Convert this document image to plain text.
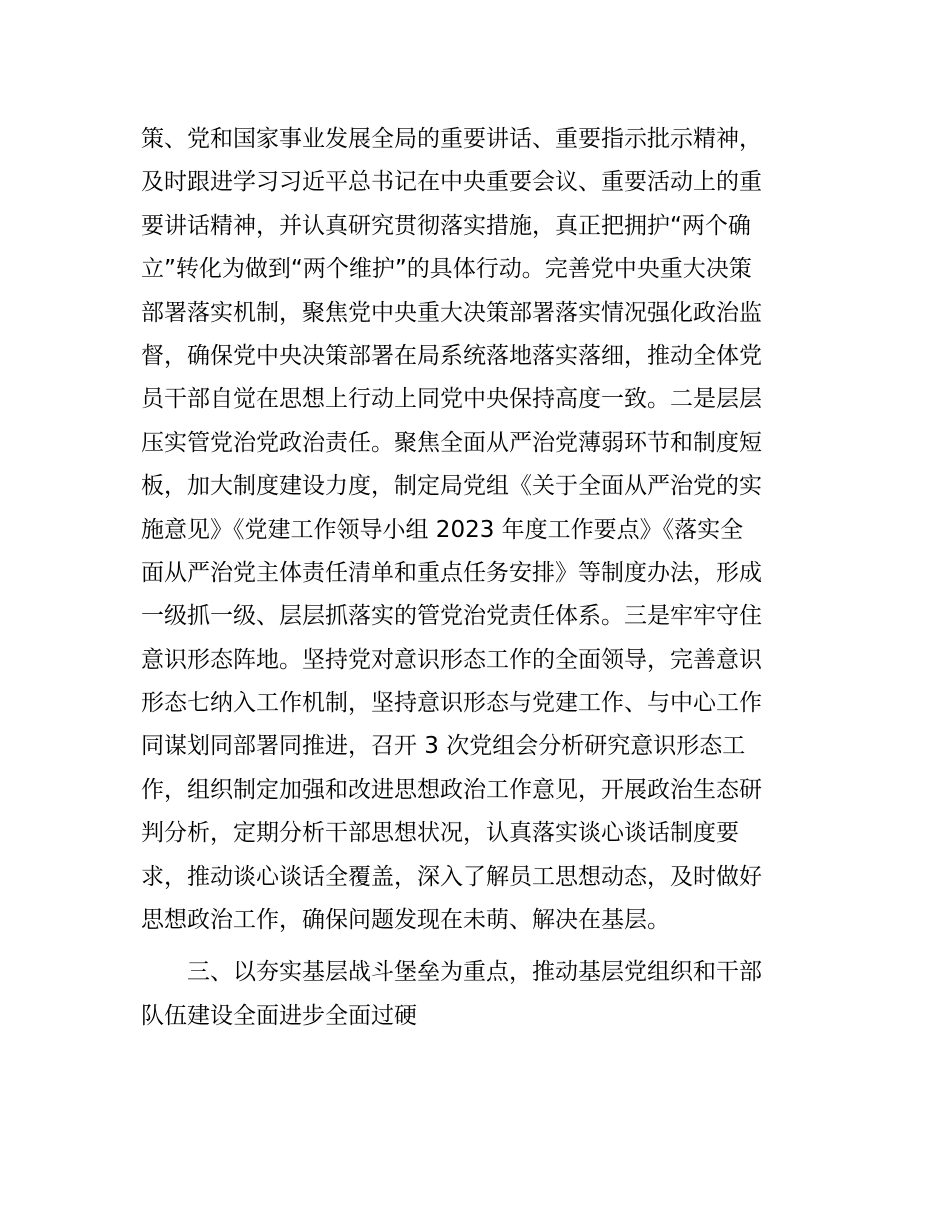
策、党和国家事业发展全局的重要讲话、重要指示批示精神，
及时跟进学习习近平总书记在中央重要会议、重要活动上的重
要讲话精神，并认真研究贯彻落实措施，真正把拥护“两个确
立”转化为做到“两个维护”的具体行动。完善党中央重大决策
部署落实机制，聚焦党中央重大决策部署落实情况强化政治监
督，确保党中央决策部署在局系统落地落实落细，推动全体党
员干部自觉在思想上行动上同党中央保持高度一致。二是层层
压实管党治党政治责任。聚焦全面从严治党薄弱环节和制度短
板，加大制度建设力度，制定局党组《关于全面从严治党的实
施意见》《党建工作领导小组 2023 年度工作要点》《落实全
面从严治党主体责任清单和重点任务安排》等制度办法，形成
一级抓一级、层层抓落实的管党治党责任体系。三是牢牢守住
意识形态阵地。坚持党对意识形态工作的全面领导，完善意识
形态七纳入工作机制，坚持意识形态与党建工作、与中心工作
同谋划同部署同推进，召开 3 次党组会分析研究意识形态工
作，组织制定加强和改进思想政治工作意见，开展政治生态研
判分析，定期分析干部思想状况，认真落实谈心谈话制度要
求，推动谈心谈话全覆盖，深入了解员工思想动态，及时做好
思想政治工作，确保问题发现在未萌、解决在基层。
三、以夯实基层战斗堡垒为重点，推动基层党组织和干部
队伍建设全面进步全面过硬
